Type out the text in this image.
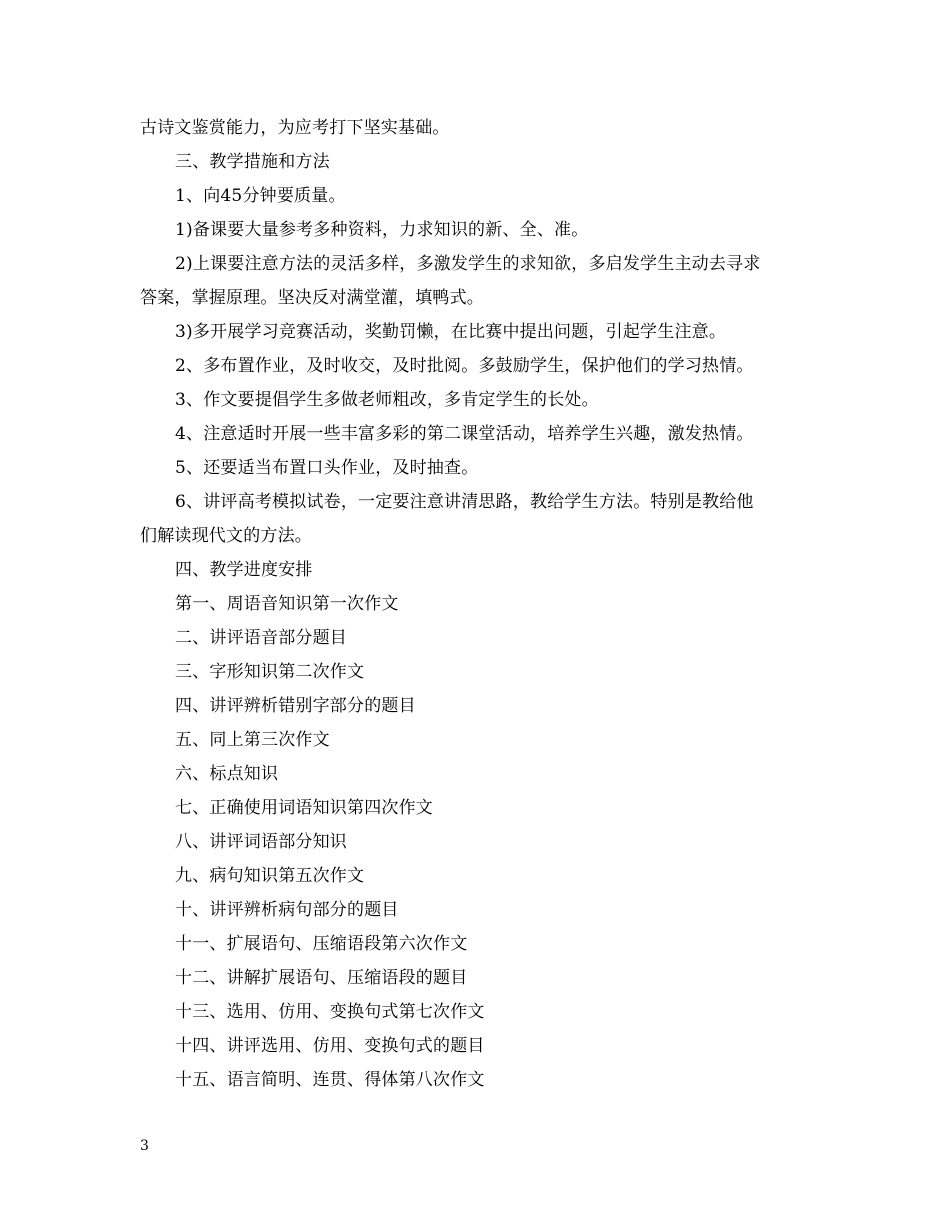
古诗文鉴赏能力，为应考打下坚实基础。
三、教学措施和方法
1、向45分钟要质量。
1)备课要大量参考多种资料，力求知识的新、全、准。
2)上课要注意方法的灵活多样，多激发学生的求知欲，多启发学生主动去寻求
答案，掌握原理。坚决反对满堂灌，填鸭式。
3)多开展学习竞赛活动，奖勤罚懒，在比赛中提出问题，引起学生注意。
2、多布置作业，及时收交，及时批阅。多鼓励学生，保护他们的学习热情。
3、作文要提倡学生多做老师粗改，多肯定学生的长处。
4、注意适时开展一些丰富多彩的第二课堂活动，培养学生兴趣，激发热情。
5、还要适当布置口头作业，及时抽查。
6、讲评高考模拟试卷，一定要注意讲清思路，教给学生方法。特别是教给他
们解读现代文的方法。
四、教学进度安排
第一、周语音知识第一次作文
二、讲评语音部分题目
三、字形知识第二次作文
四、讲评辨析错别字部分的题目
五、同上第三次作文
六、标点知识
七、正确使用词语知识第四次作文
八、讲评词语部分知识
九、病句知识第五次作文
十、讲评辨析病句部分的题目
十一、扩展语句、压缩语段第六次作文
十二、讲解扩展语句、压缩语段的题目
十三、选用、仿用、变换句式第七次作文
十四、讲评选用、仿用、变换句式的题目
十五、语言简明、连贯、得体第八次作文
3
